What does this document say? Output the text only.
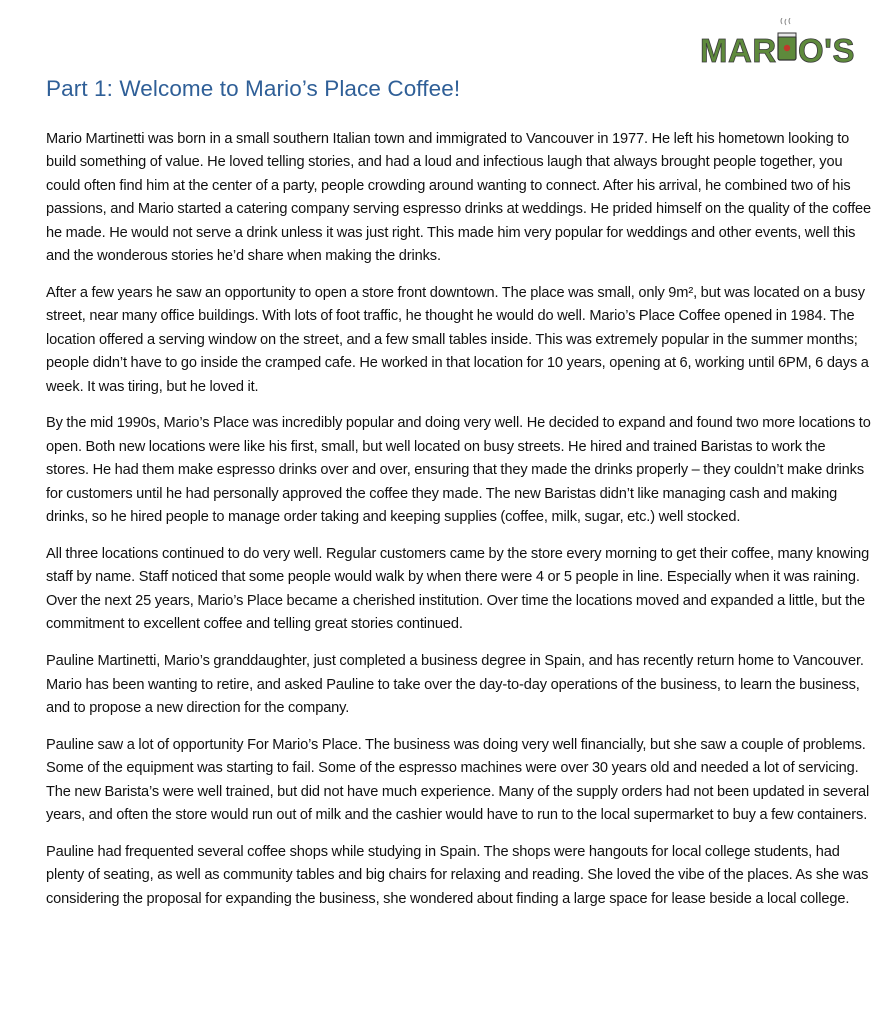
MAR O'S
Part 1: Welcome to Mario’s Place Coffee!

Mario Martinetti was born in a small southern Italian town and immigrated to Vancouver in 1977. He left his hometown looking to build something of value. He loved telling stories, and had a loud and infectious laugh that always brought people together, you could often find him at the center of a party, people crowding around wanting to connect. After his arrival, he combined two of his passions, and Mario started a catering company serving espresso drinks at weddings. He prided himself on the quality of the coffee he made. He would not serve a drink unless it was just right. This made him very popular for weddings and other events, well this and the wonderous stories he’d share when making the drinks.

After a few years he saw an opportunity to open a store front downtown. The place was small, only 9m², but was located on a busy street, near many office buildings. With lots of foot traffic, he thought he would do well. Mario’s Place Coffee opened in 1984. The location offered a serving window on the street, and a few small tables inside. This was extremely popular in the summer months; people didn’t have to go inside the cramped cafe. He worked in that location for 10 years, opening at 6, working until 6PM, 6 days a week. It was tiring, but he loved it.

By the mid 1990s, Mario’s Place was incredibly popular and doing very well. He decided to expand and found two more locations to open. Both new locations were like his first, small, but well located on busy streets. He hired and trained Baristas to work the stores. He had them make espresso drinks over and over, ensuring that they made the drinks properly – they couldn’t make drinks for customers until he had personally approved the coffee they made. The new Baristas didn’t like managing cash and making drinks, so he hired people to manage order taking and keeping supplies (coffee, milk, sugar, etc.) well stocked.

All three locations continued to do very well. Regular customers came by the store every morning to get their coffee, many knowing staff by name. Staff noticed that some people would walk by when there were 4 or 5 people in line. Especially when it was raining. Over the next 25 years, Mario’s Place became a cherished institution. Over time the locations moved and expanded a little, but the commitment to excellent coffee and telling great stories continued.

Pauline Martinetti, Mario’s granddaughter, just completed a business degree in Spain, and has recently return home to Vancouver. Mario has been wanting to retire, and asked Pauline to take over the day-to-day operations of the business, to learn the business, and to propose a new direction for the company.

Pauline saw a lot of opportunity For Mario’s Place. The business was doing very well financially, but she saw a couple of problems. Some of the equipment was starting to fail. Some of the espresso machines were over 30 years old and needed a lot of servicing. The new Barista’s were well trained, but did not have much experience. Many of the supply orders had not been updated in several years, and often the store would run out of milk and the cashier would have to run to the local supermarket to buy a few containers.

Pauline had frequented several coffee shops while studying in Spain. The shops were hangouts for local college students, had plenty of seating, as well as community tables and big chairs for relaxing and reading. She loved the vibe of the places. As she was considering the proposal for expanding the business, she wondered about finding a large space for lease beside a local college.
